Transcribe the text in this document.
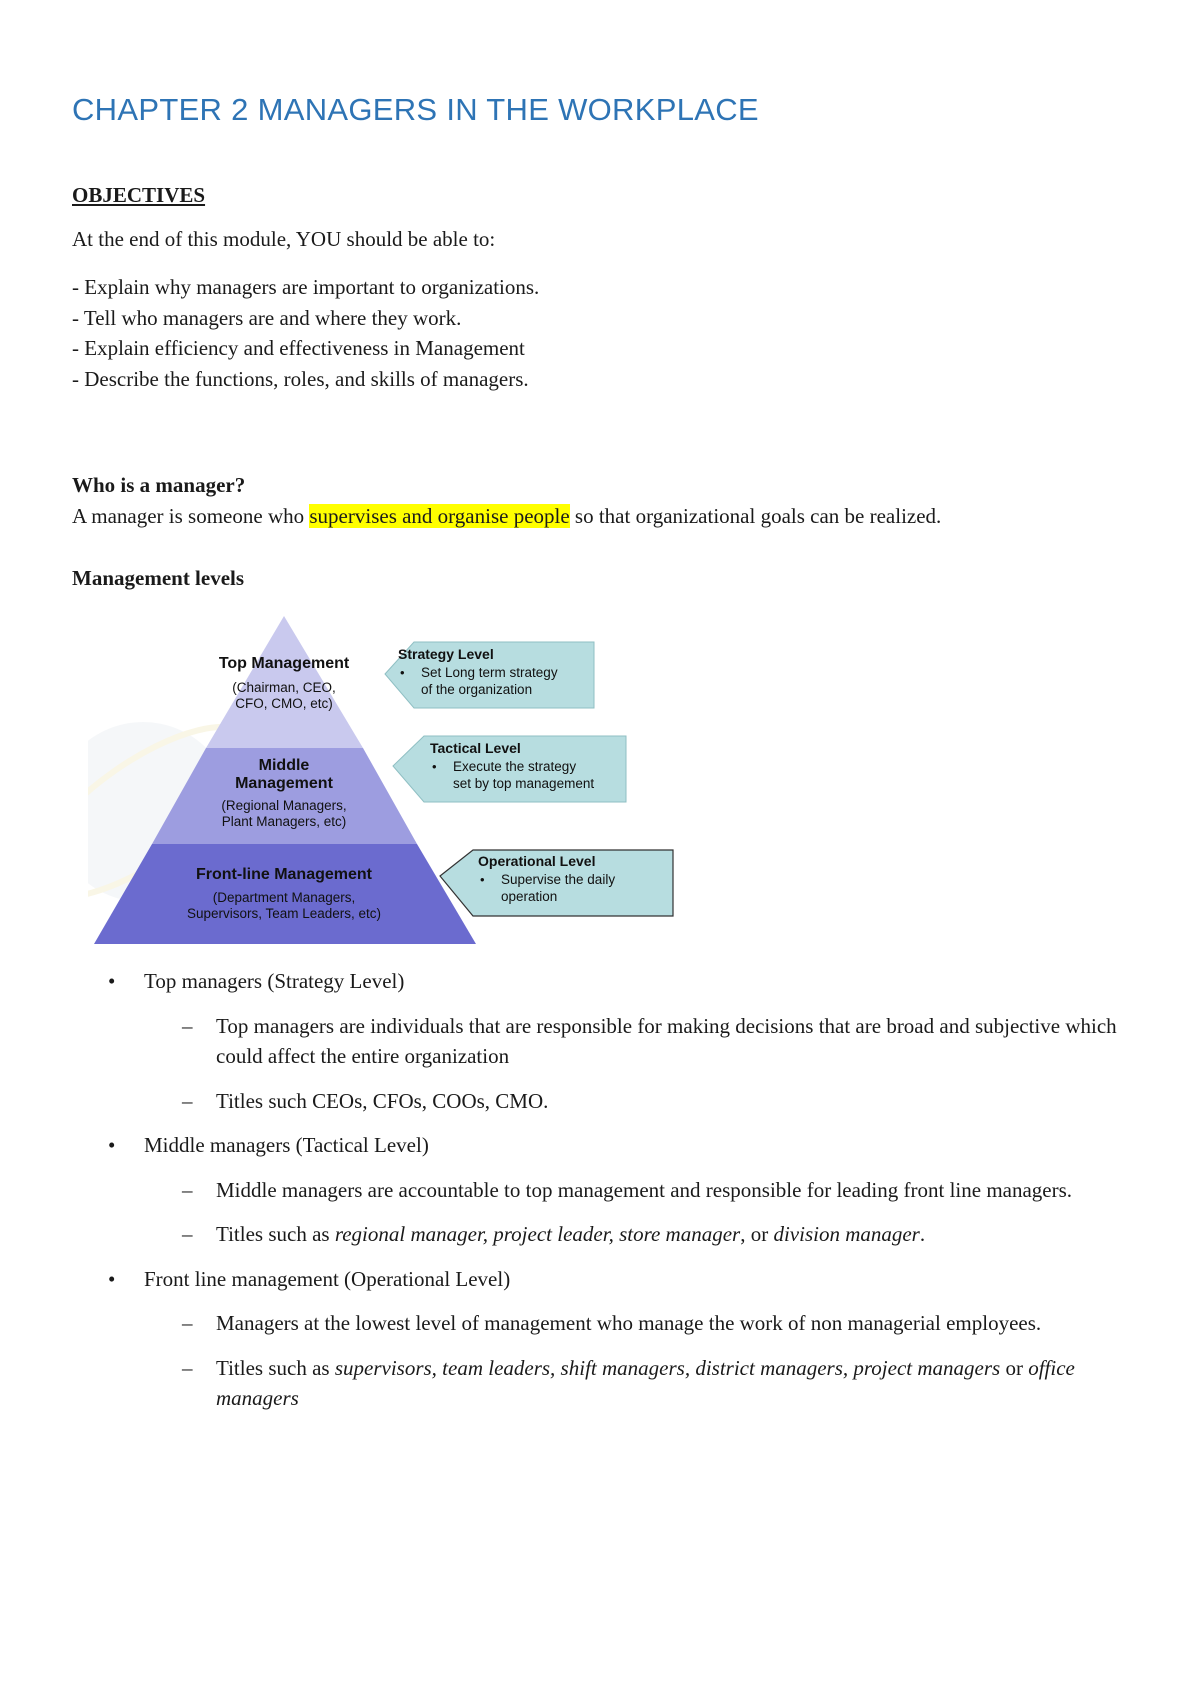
CHAPTER 2 MANAGERS IN THE WORKPLACE

OBJECTIVES

At the end of this module, YOU should be able to:

- Explain why managers are important to organizations.
- Tell who managers are and where they work.
- Explain efficiency and effectiveness in Management
- Describe the functions, roles, and skills of managers.

Who is a manager?

A manager is someone who supervises and organise people so that organizational goals can be realized.

Management levels

Top Management
(Chairman, CEO,
CFO, CMO, etc)
Middle
Management
(Regional Managers,
Plant Managers, etc)
Front-line Management
(Department Managers,
Supervisors, Team Leaders, etc)
Strategy Level
• Set Long term strategy
of the organization
Tactical Level
• Execute the strategy
set by top management
Operational Level
• Supervise the daily
operation
• Top managers (Strategy Level)
– Top managers are individuals that are responsible for making decisions that are broad and subjective which could affect the entire organization
– Titles such CEOs, CFOs, COOs, CMO.
• Middle managers (Tactical Level)
– Middle managers are accountable to top management and responsible for leading front line managers.
– Titles such as regional manager, project leader, store manager, or division manager.
• Front line management (Operational Level)
– Managers at the lowest level of management who manage the work of non managerial employees.
– Titles such as supervisors, team leaders, shift managers, district managers, project managers or office managers
